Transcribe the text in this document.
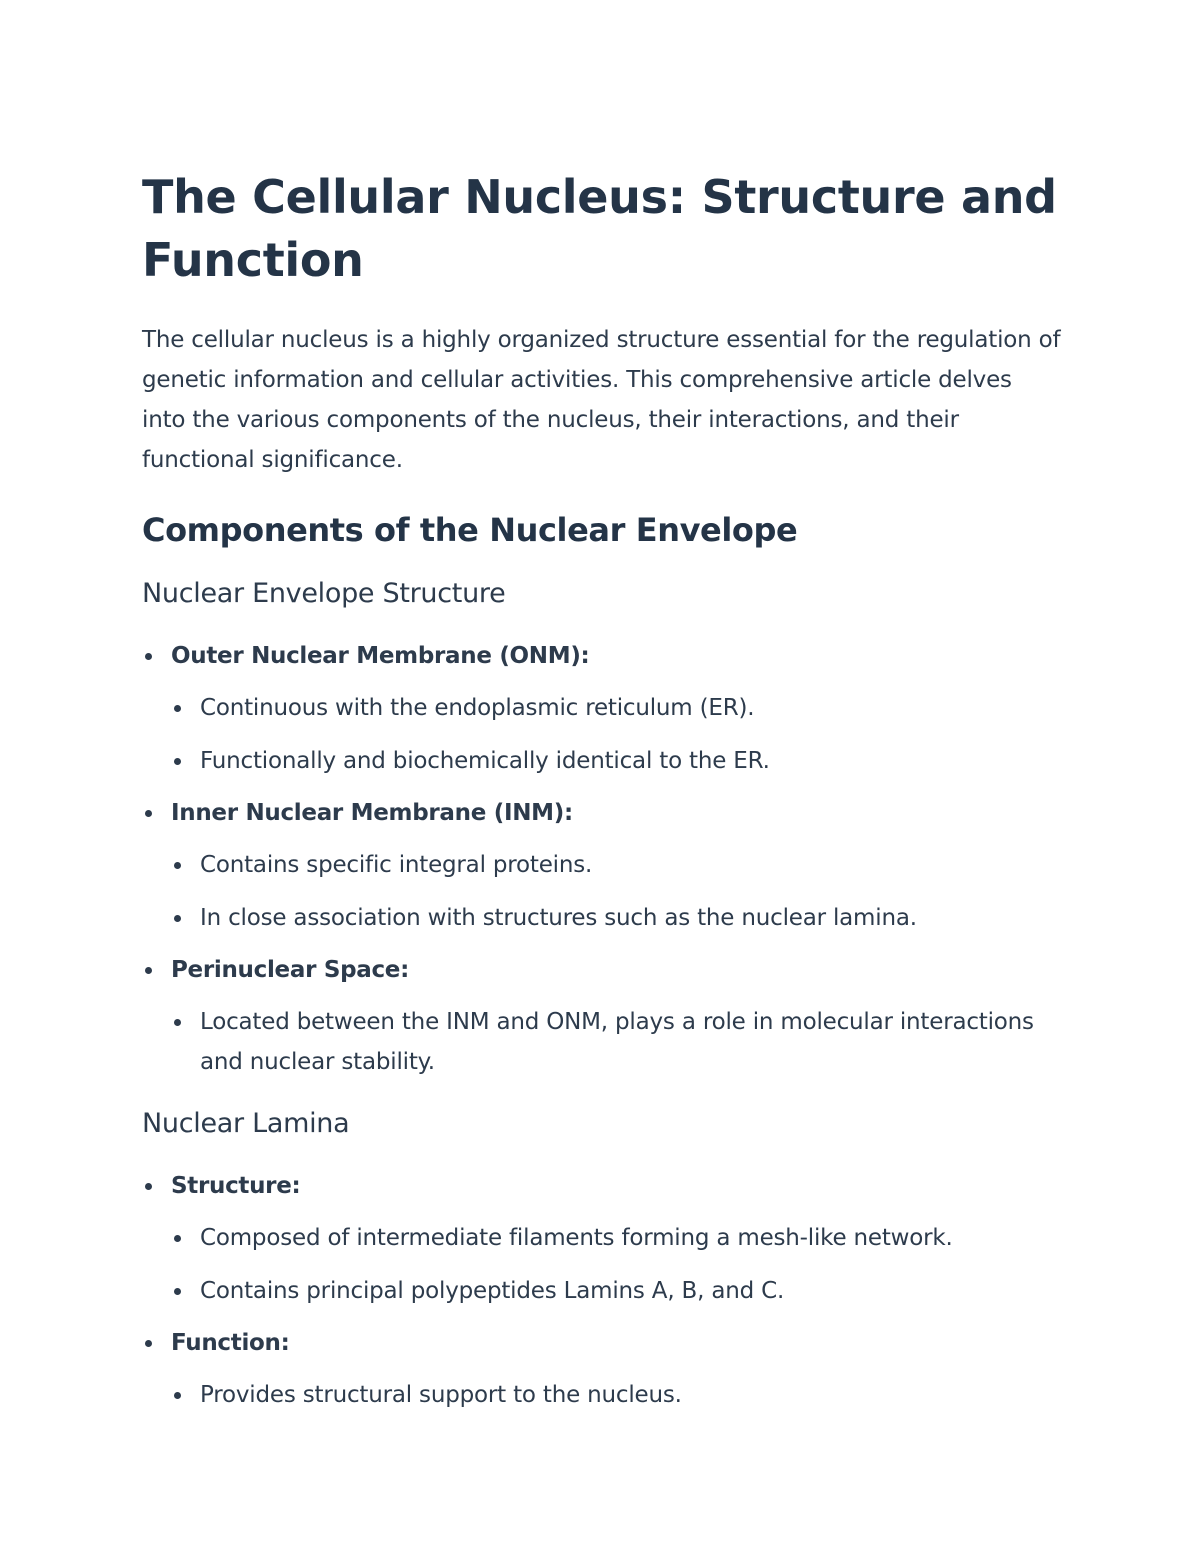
The Cellular Nucleus: Structure and Function

The cellular nucleus is a highly organized structure essential for the regulation of genetic information and cellular activities. This comprehensive article delves into the various components of the nucleus, their interactions, and their functional significance.

Components of the Nuclear Envelope
Nuclear Envelope Structure
Outer Nuclear Membrane (ONM):
Continuous with the endoplasmic reticulum (ER).
Functionally and biochemically identical to the ER.
Inner Nuclear Membrane (INM):
Contains specific integral proteins.
In close association with structures such as the nuclear lamina.
Perinuclear Space:
Located between the INM and ONM, plays a role in molecular interactions and nuclear stability.
Nuclear Lamina
Structure:
Composed of intermediate filaments forming a mesh-like network.
Contains principal polypeptides Lamins A, B, and C.
Function:
Provides structural support to the nucleus.
